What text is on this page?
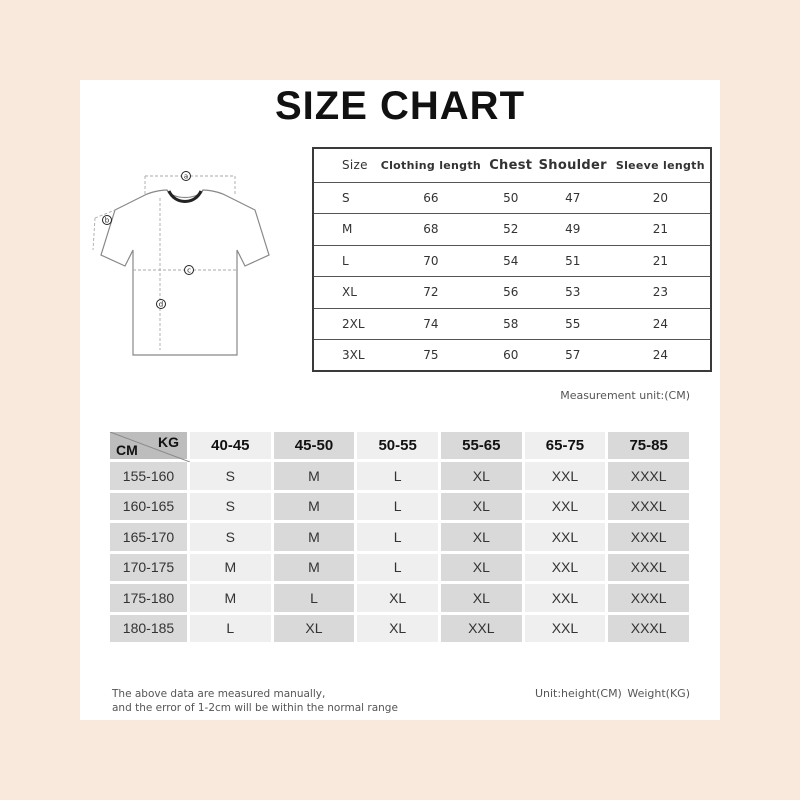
SIZE CHART
a
b
c
d
Size	Clothing length	Chest	Shoulder	Sleeve length
S	66	50	47	20
M	68	52	49	21
L	70	54	51	21
XL	72	56	53	23
2XL	74	58	55	24
3XL	75	60	57	24
Measurement unit:(CM)
KG
CM	40-45	45-50	50-55	55-65	65-75	75-85
155-160	S	M	L	XL	XXL	XXXL
160-165	S	M	L	XL	XXL	XXXL
165-170	S	M	L	XL	XXL	XXXL
170-175	M	M	L	XL	XXL	XXXL
175-180	M	L	XL	XL	XXL	XXXL
180-185	L	XL	XL	XXL	XXL	XXXL
The above data are measured manually,
and the error of 1-2cm will be within the normal range
Unit:height(CM) Weight(KG)
